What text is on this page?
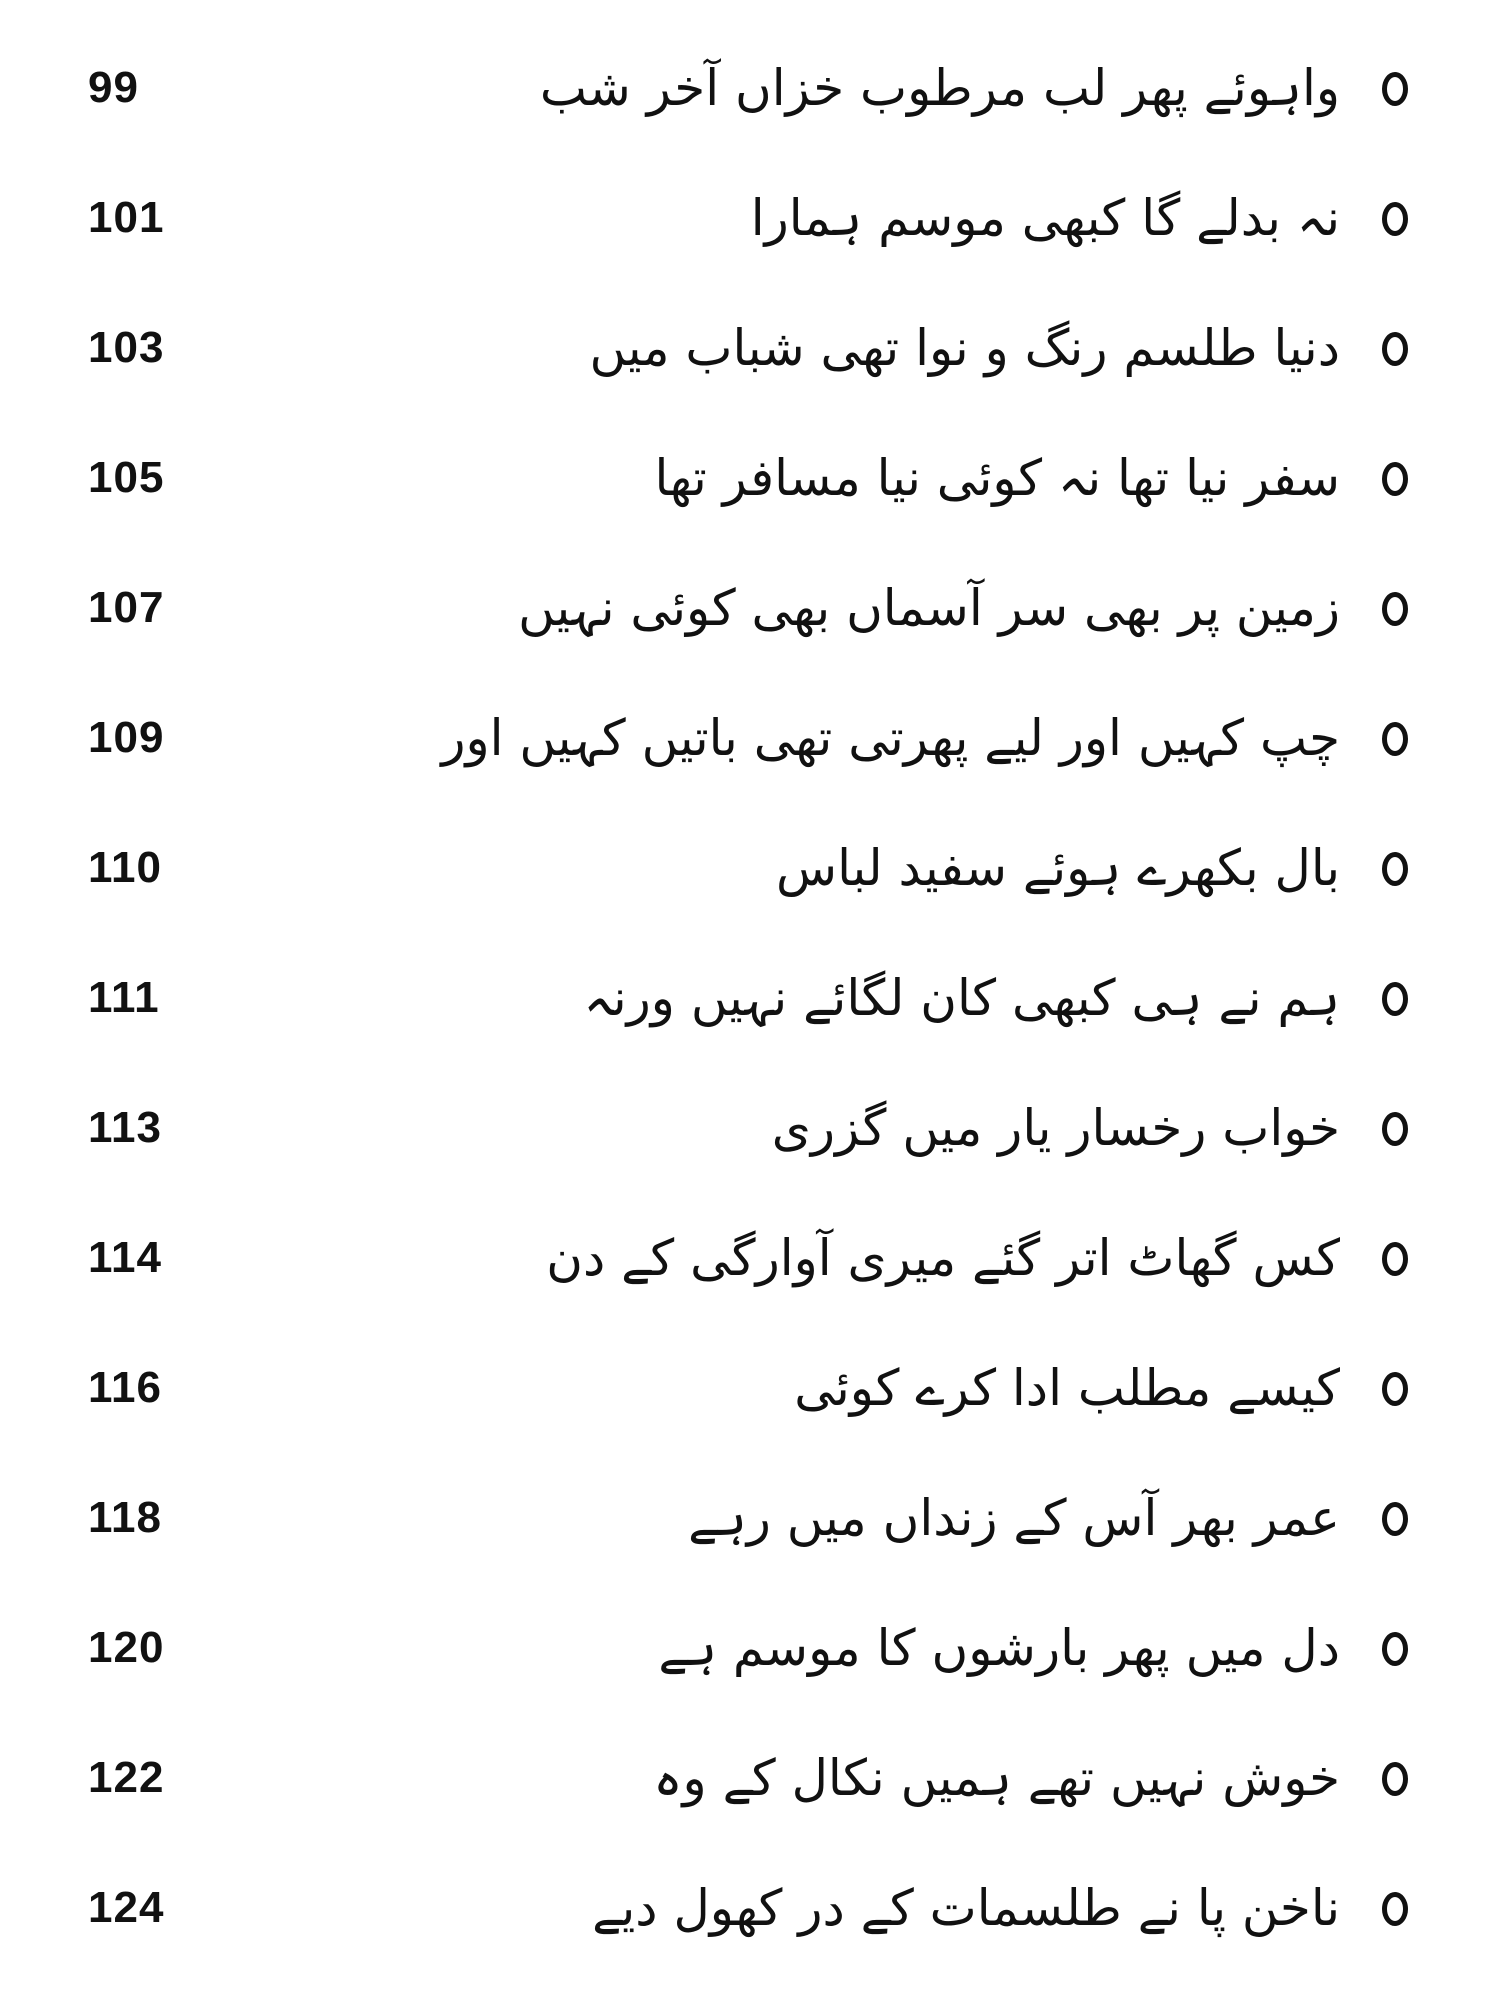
99	واہوئے پھر لب مرطوب خزاں آخر شب
101	نہ بدلے گا کبھی موسم ہمارا
103	دنیا طلسم رنگ و نوا تھی شباب میں
105	سفر نیا تھا نہ کوئی نیا مسافر تھا
107	زمین پر بھی سر آسماں بھی کوئی نہیں
109	چپ کہیں اور لیے پھرتی تھی باتیں کہیں اور
110	بال بکھرے ہوئے سفید لباس
111	ہم نے ہی کبھی کان لگائے نہیں ورنہ
113	خواب رخسار یار میں گزری
114	کس گھاٹ اتر گئے میری آوارگی کے دن
116	کیسے مطلب ادا کرے کوئی
118	عمر بھر آس کے زنداں میں رہے
120	دل میں پھر بارشوں کا موسم ہے
122	خوش نہیں تھے ہمیں نکال کے وہ
124	ناخن پا نے طلسمات کے در کھول دیے
